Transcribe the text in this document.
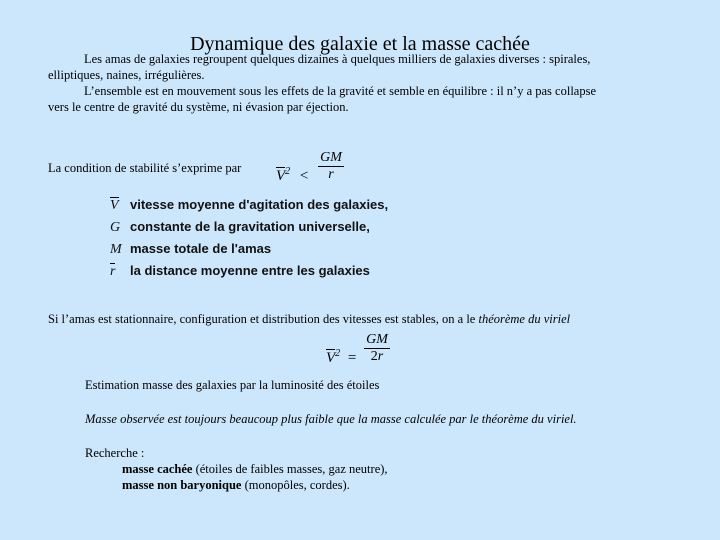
Dynamique des galaxie et la masse cachée
Les amas de galaxies regroupent quelques dizaines à quelques milliers de galaxies diverses : spirales,
elliptiques, naines, irrégulières.
L’ensemble est en mouvement sous les effets de la gravité et semble en équilibre : il n’y a pas collapse
vers le centre de gravité du système, ni évasion par éjection.
La condition de stabilité s’exprime par $V^2 < \frac{GM}{r}$
V vitesse moyenne d'agitation des galaxies,
G constante de la gravitation universelle,
M masse totale de l'amas
r la distance moyenne entre les galaxies
Si l’amas est stationnaire, configuration et distribution des vitesses est stables, on a le théorème du viriel
$V^2 = \frac{GM}{2r}$
Estimation masse des galaxies par la luminosité des étoiles
Masse observée est toujours beaucoup plus faible que la masse calculée par le théorème du viriel.
Recherche :
masse cachée (étoiles de faibles masses, gaz neutre),
masse non baryonique (monopôles, cordes).
